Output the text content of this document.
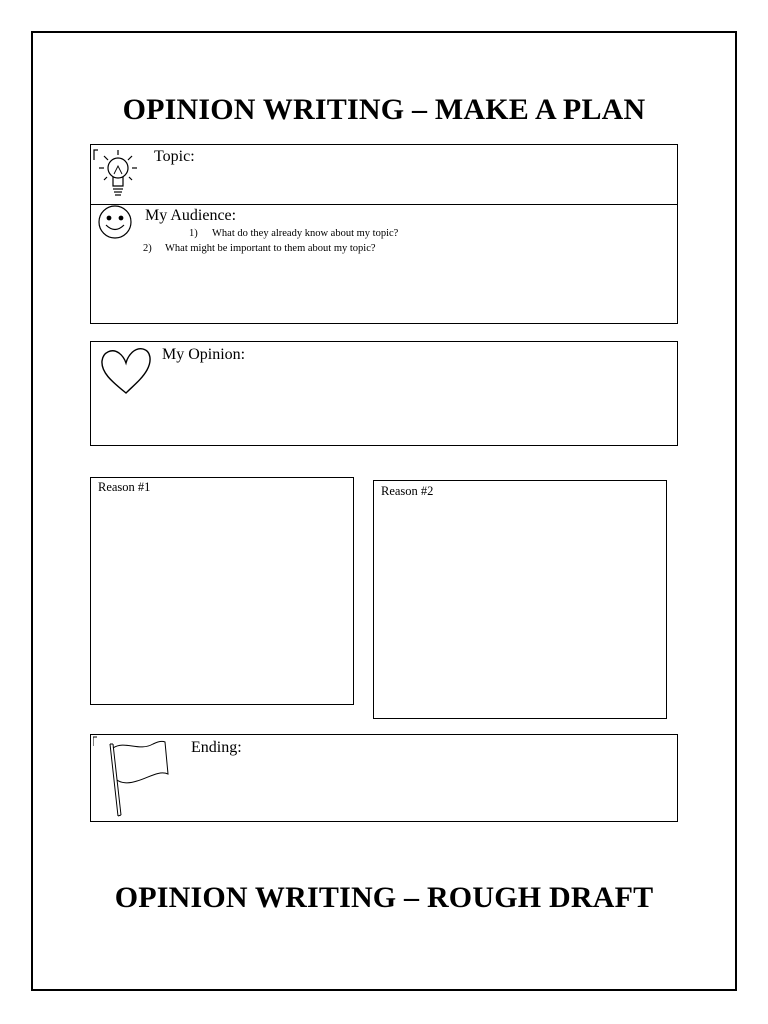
OPINION WRITING – MAKE A PLAN
Topic:
My Audience:
1) What do they already know about my topic?
2) What might be important to them about my topic?
My Opinion:
Reason #1	Reason #2
Ending:
OPINION WRITING – ROUGH DRAFT
